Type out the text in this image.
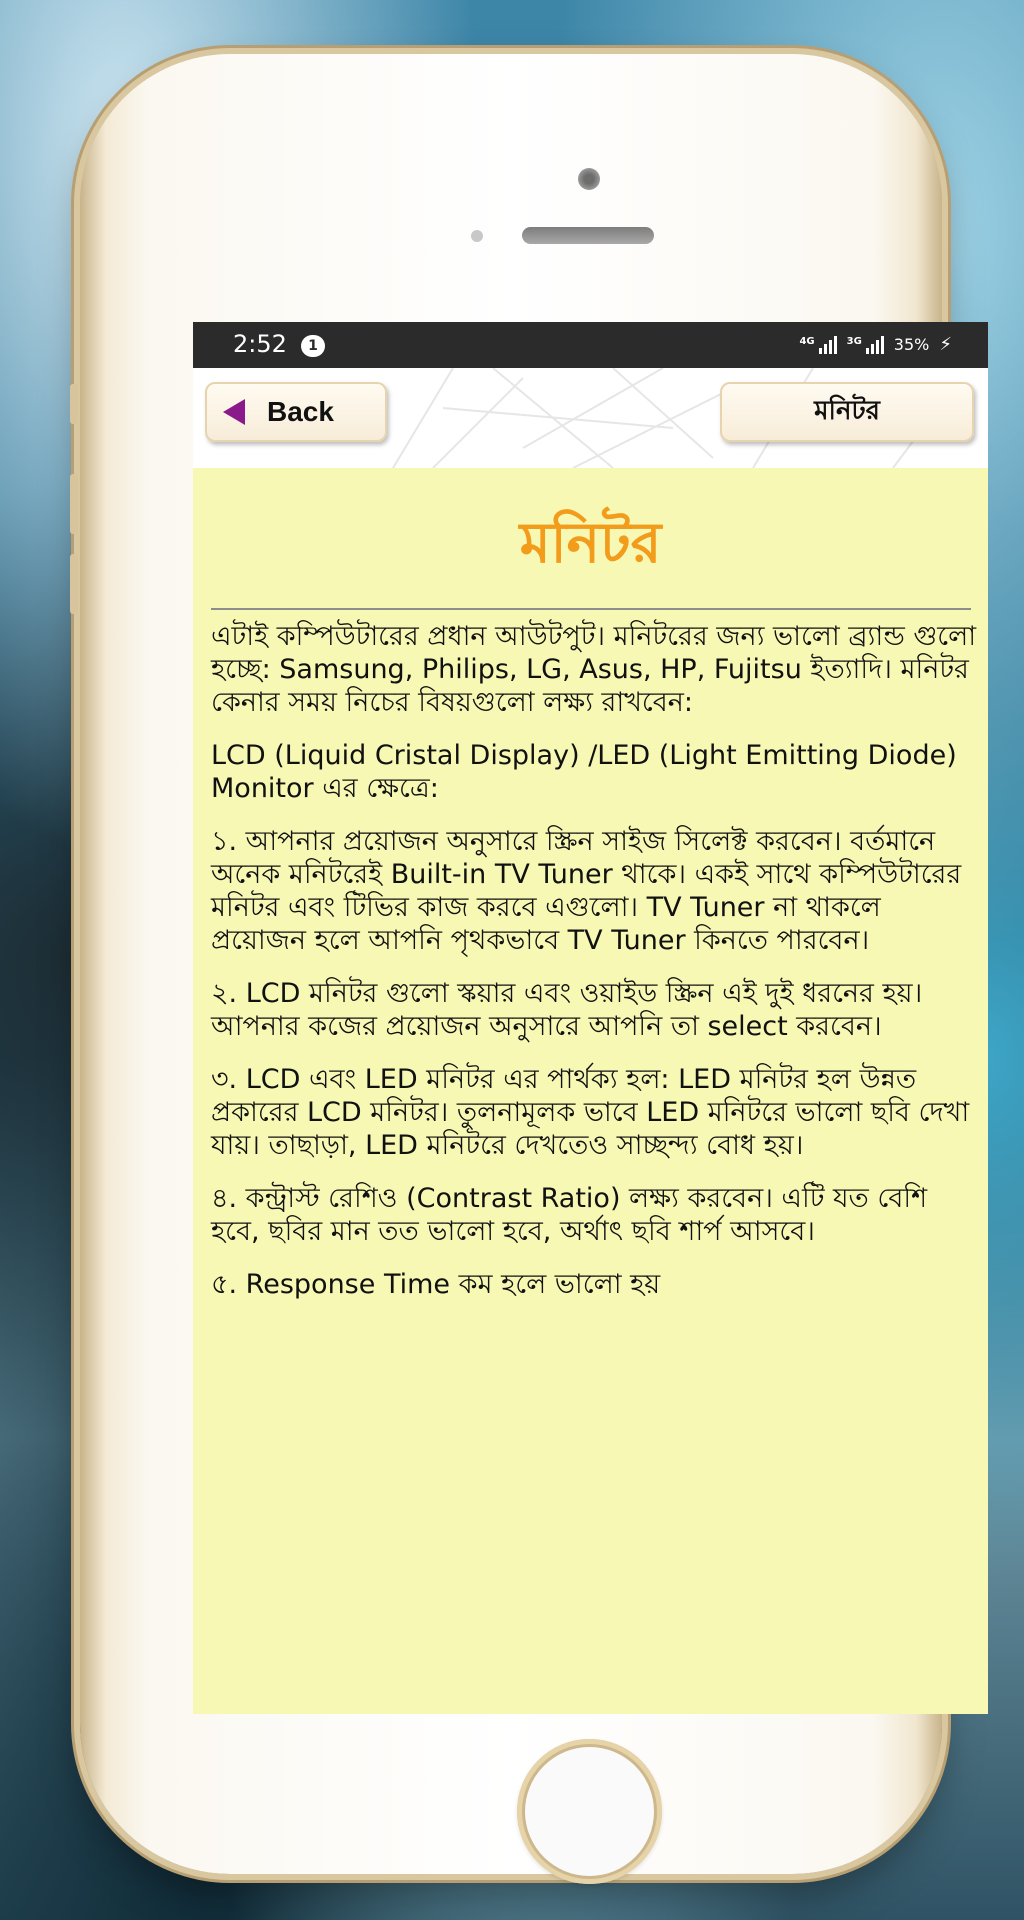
2:52	1	4G	3G 35% ⚡︎
Back	মনিটর
মনিটর

এটাই কম্পিউটারের প্রধান আউটপুট। মনিটরের জন্য ভালো ব্র্যান্ড গুলো হচ্ছে: Samsung, Philips, LG, Asus, HP, Fujitsu ইত্যাদি। মনিটর কেনার সময় নিচের বিষয়গুলো লক্ষ্য রাখবেন:

LCD (Liquid Cristal Display) /LED (Light Emitting Diode) Monitor এর ক্ষেত্রে:

১. আপনার প্রয়োজন অনুসারে স্ক্রিন সাইজ সিলেক্ট করবেন। বর্তমানে অনেক মনিটরেই Built-in TV Tuner থাকে। একই সাথে কম্পিউটারের মনিটর এবং টিভির কাজ করবে এগুলো। TV Tuner না থাকলে প্রয়োজন হলে আপনি পৃথকভাবে TV Tuner কিনতে পারবেন।

২. LCD মনিটর গুলো স্কয়ার এবং ওয়াইড স্ক্রিন এই দুই ধরনের হয়। আপনার কজের প্রয়োজন অনুসারে আপনি তা select করবেন।

৩. LCD এবং LED মনিটর এর পার্থক্য হল: LED মনিটর হল উন্নত প্রকারের LCD মনিটর। তুলনামূলক ভাবে LED মনিটরে ভালো ছবি দেখা যায়। তাছাড়া, LED মনিটরে দেখতেও সাচ্ছন্দ্য বোধ হয়।

৪. কন্ট্রাস্ট রেশিও (Contrast Ratio) লক্ষ্য করবেন। এটি যত বেশি হবে, ছবির মান তত ভালো হবে, অর্থাৎ ছবি শার্প আসবে।

৫. Response Time কম হলে ভালো হয়
